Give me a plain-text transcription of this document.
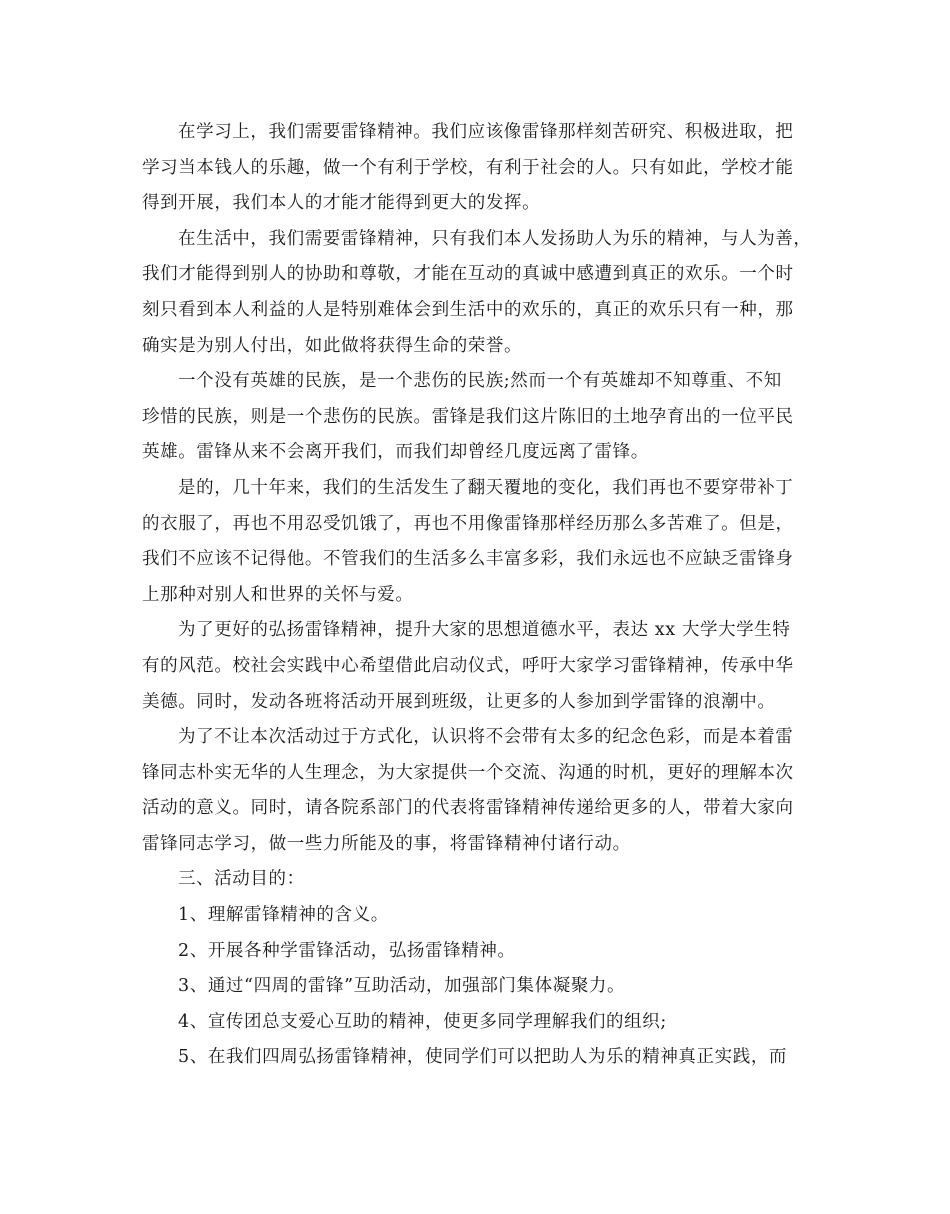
在学习上，我们需要雷锋精神。我们应该像雷锋那样刻苦研究、积极进取，把
学习当本钱人的乐趣，做一个有利于学校，有利于社会的人。只有如此，学校才能
得到开展，我们本人的才能才能得到更大的发挥。

在生活中，我们需要雷锋精神，只有我们本人发扬助人为乐的精神，与人为善，
我们才能得到别人的协助和尊敬，才能在互动的真诚中感遭到真正的欢乐。一个时
刻只看到本人利益的人是特别难体会到生活中的欢乐的，真正的欢乐只有一种，那
确实是为别人付出，如此做将获得生命的荣誉。

一个没有英雄的民族，是一个悲伤的民族;然而一个有英雄却不知尊重、不知
珍惜的民族，则是一个悲伤的民族。雷锋是我们这片陈旧的土地孕育出的一位平民
英雄。雷锋从来不会离开我们，而我们却曾经几度远离了雷锋。

是的，几十年来，我们的生活发生了翻天覆地的变化，我们再也不要穿带补丁
的衣服了，再也不用忍受饥饿了，再也不用像雷锋那样经历那么多苦难了。但是，
我们不应该不记得他。不管我们的生活多么丰富多彩，我们永远也不应缺乏雷锋身
上那种对别人和世界的关怀与爱。

为了更好的弘扬雷锋精神，提升大家的思想道德水平，表达 xx 大学大学生特
有的风范。校社会实践中心希望借此启动仪式，呼吁大家学习雷锋精神，传承中华
美德。同时，发动各班将活动开展到班级，让更多的人参加到学雷锋的浪潮中。

为了不让本次活动过于方式化，认识将不会带有太多的纪念色彩，而是本着雷
锋同志朴实无华的人生理念，为大家提供一个交流、沟通的时机，更好的理解本次
活动的意义。同时，请各院系部门的代表将雷锋精神传递给更多的人，带着大家向
雷锋同志学习，做一些力所能及的事，将雷锋精神付诸行动。

三、活动目的：

1、理解雷锋精神的含义。

2、开展各种学雷锋活动，弘扬雷锋精神。

3、通过“四周的雷锋”互助活动，加强部门集体凝聚力。

4、宣传团总支爱心互助的精神，使更多同学理解我们的组织;

5、在我们四周弘扬雷锋精神，使同学们可以把助人为乐的精神真正实践，而
